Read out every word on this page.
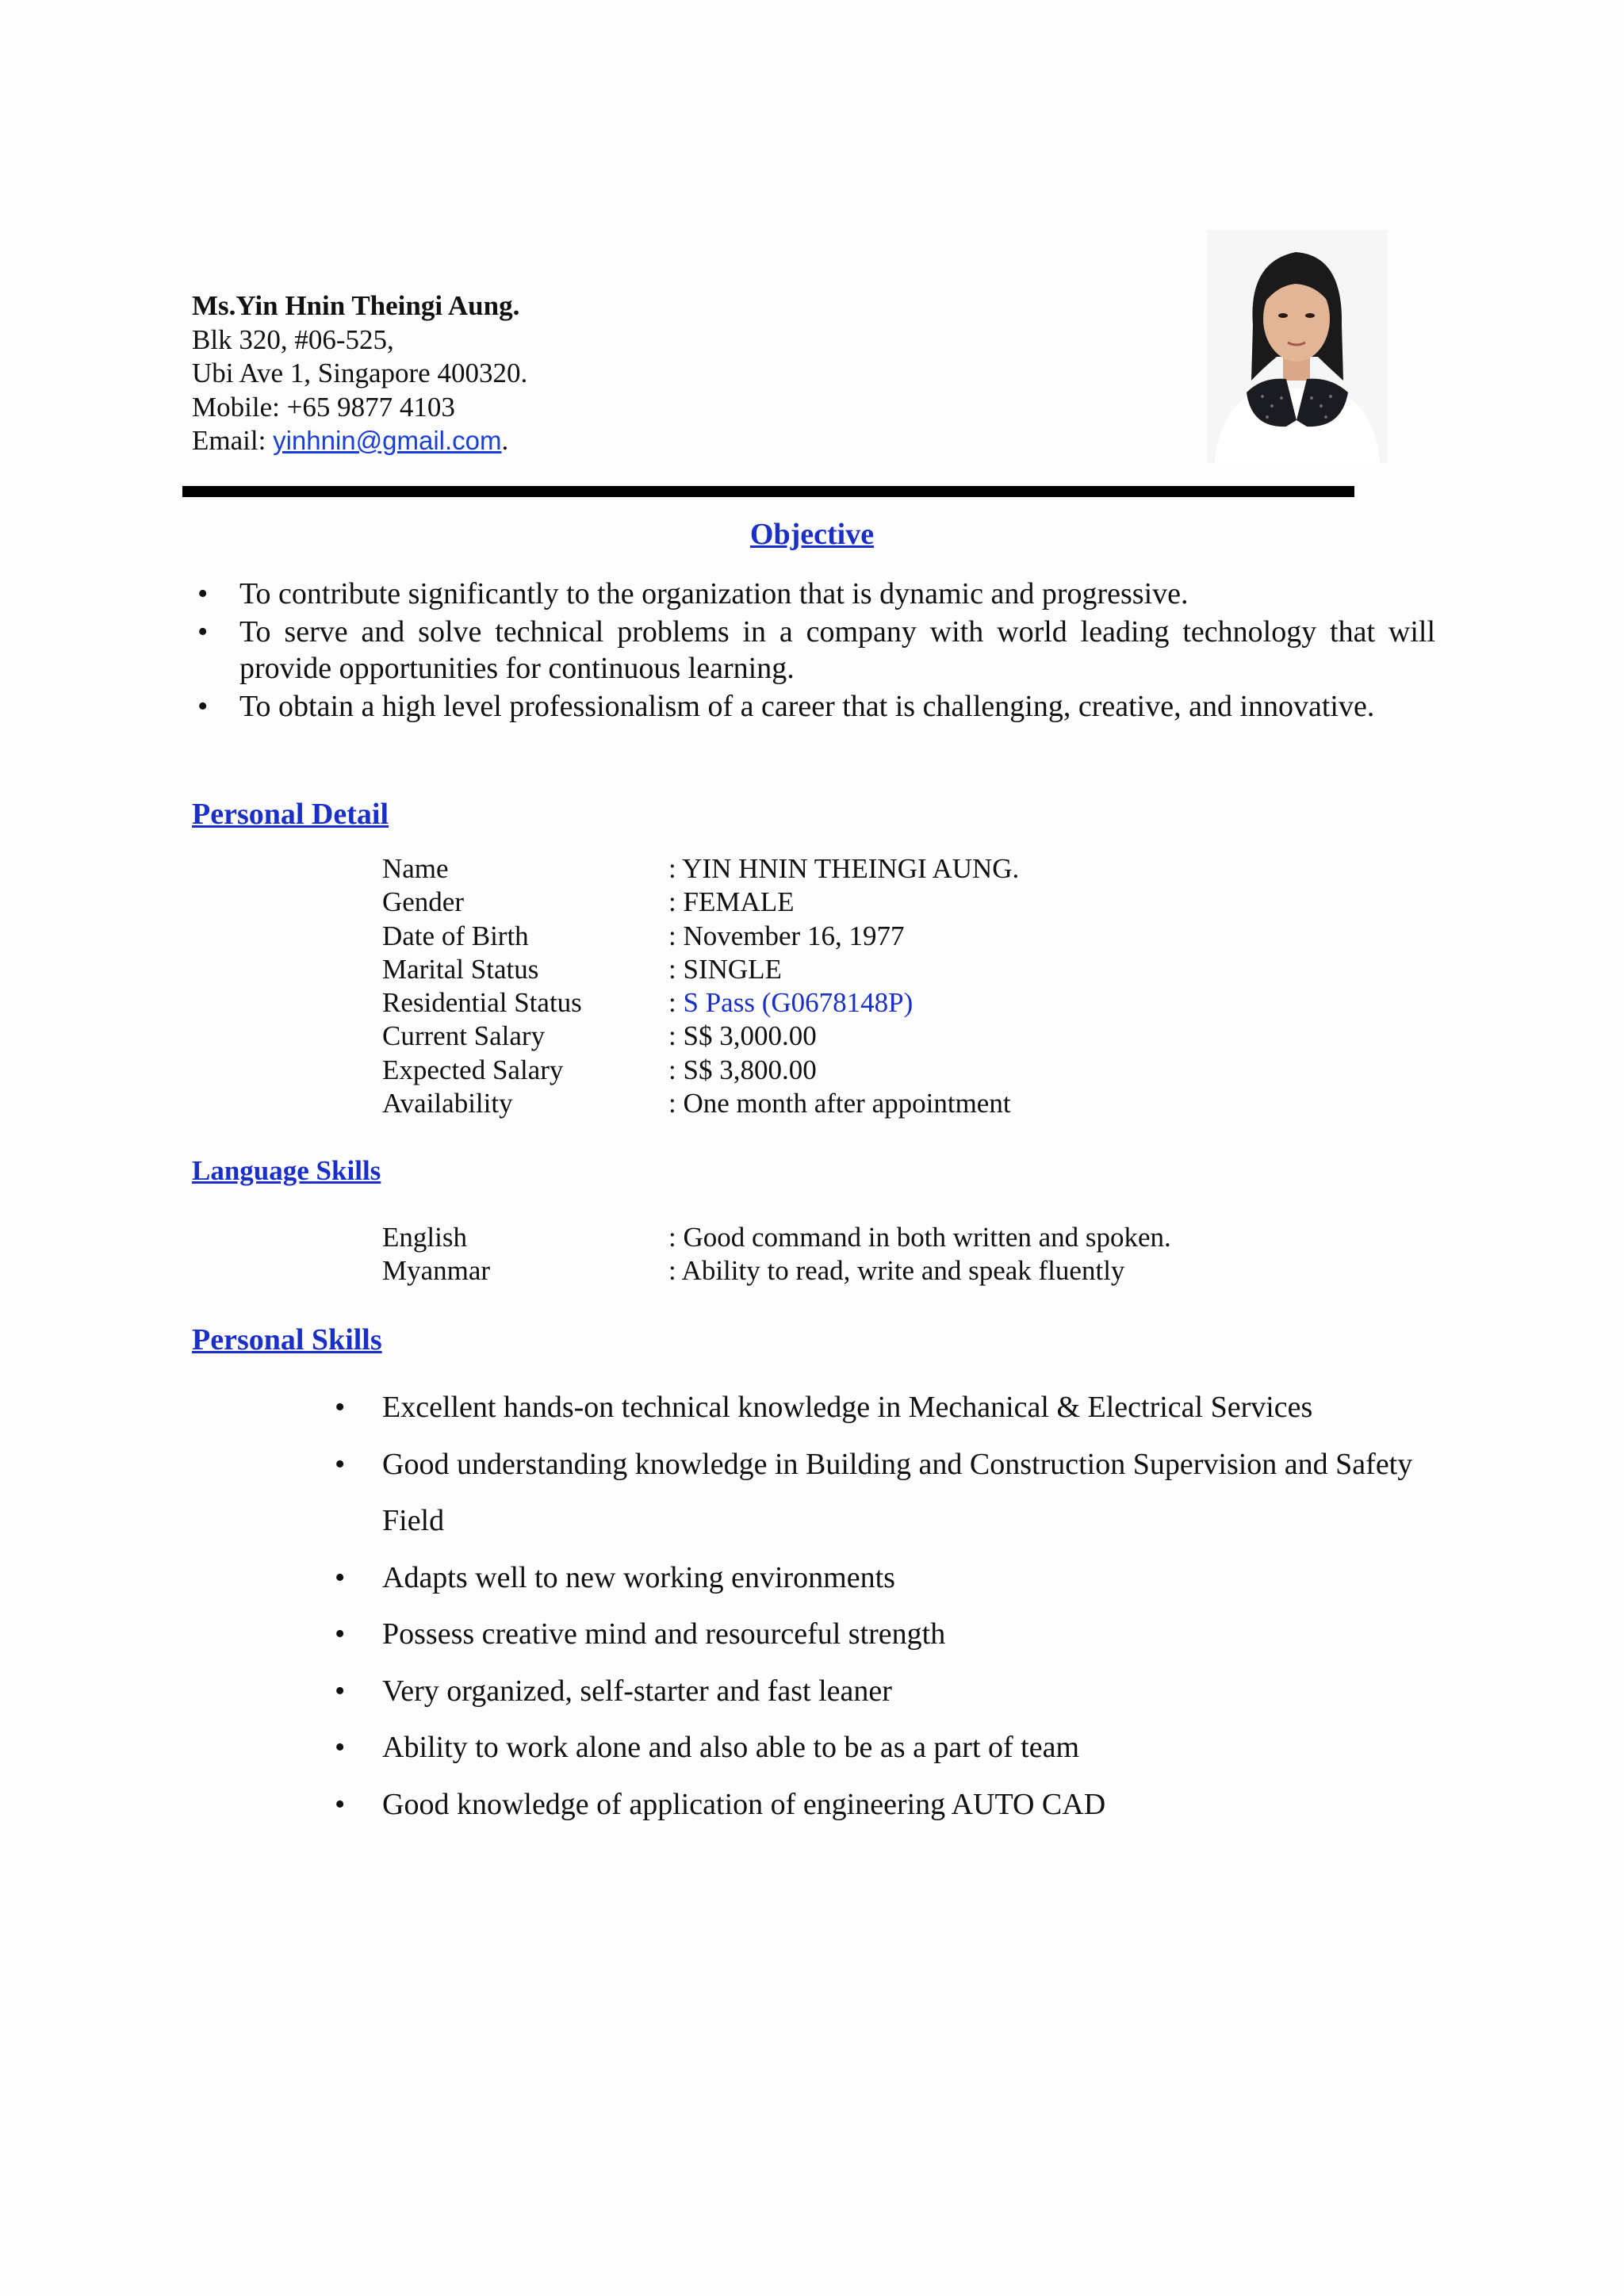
Ms.Yin Hnin Theingi Aung.
Blk 320, #06-525,
Ubi Ave 1, Singapore 400320.
Mobile: +65 9877 4103
Email: yinhnin@gmail.com.
Objective
• To contribute significantly to the organization that is dynamic and progressive.
• To serve and solve technical problems in a company with world leading technology that will provide opportunities for continuous learning.
• To obtain a high level professionalism of a career that is challenging, creative, and innovative.
Personal Detail
Name	: YIN HNIN THEINGI AUNG.
Gender	: FEMALE
Date of Birth	: November 16, 1977
Marital Status	: SINGLE
Residential Status	: S Pass (G0678148P)
Current Salary	: S$ 3,000.00
Expected Salary	: S$ 3,800.00
Availability	: One month after appointment
Language Skills
English	: Good command in both written and spoken.
Myanmar	: Ability to read, write and speak fluently
Personal Skills
• Excellent hands-on technical knowledge in Mechanical & Electrical Services
• Good understanding knowledge in Building and Construction Supervision and Safety Field
• Adapts well to new working environments
• Possess creative mind and resourceful strength
• Very organized, self-starter and fast leaner
• Ability to work alone and also able to be as a part of team
• Good knowledge of application of engineering AUTO CAD
